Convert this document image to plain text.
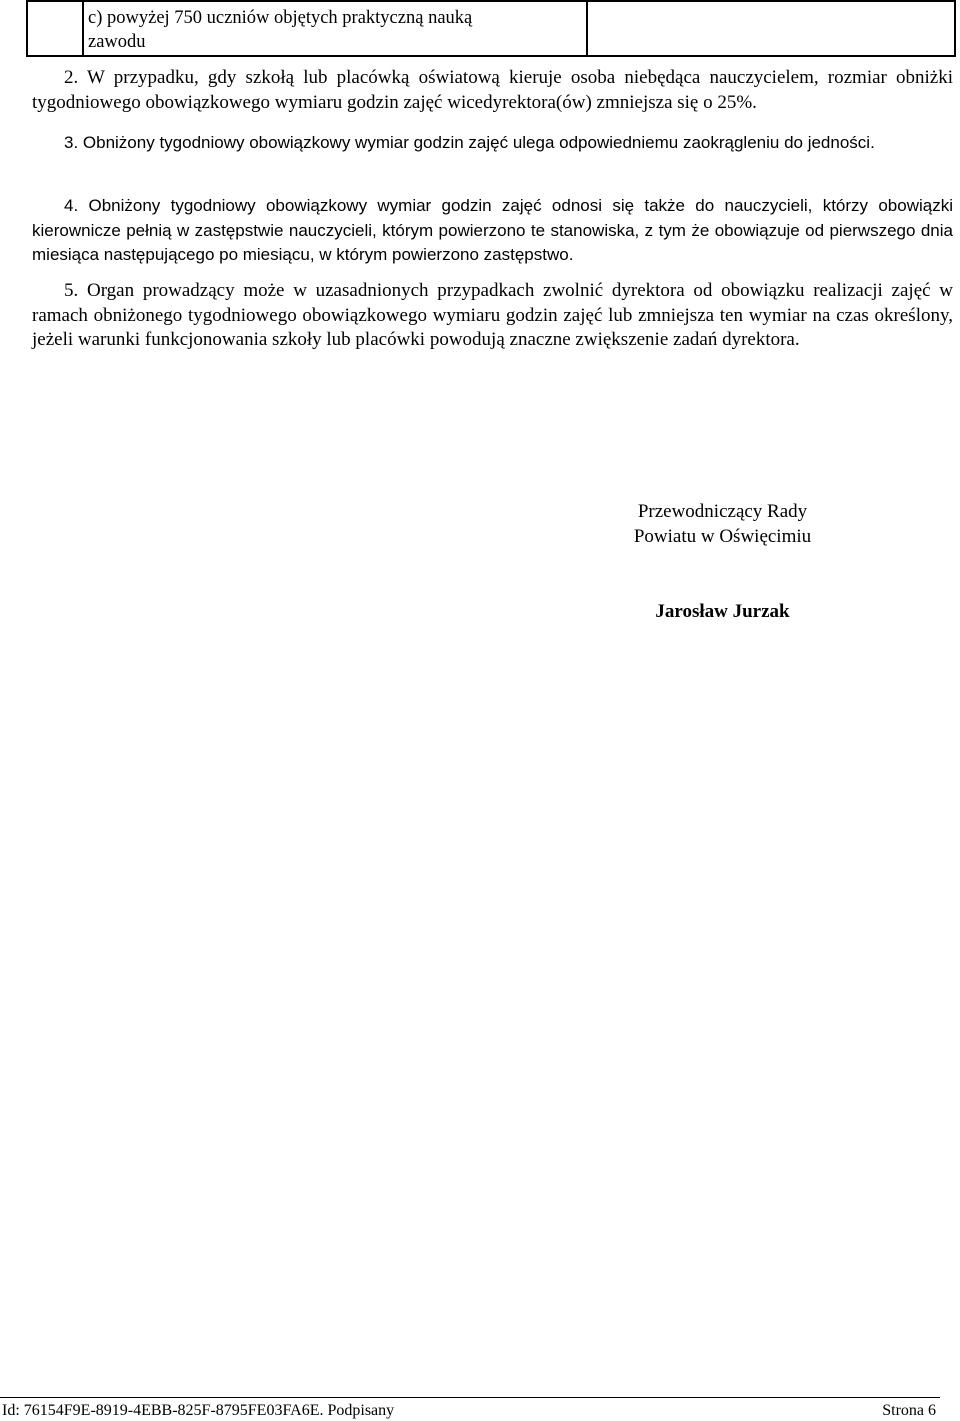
c) powyżej 750 uczniów objętych praktyczną nauką
zawodu

2. W przypadku, gdy szkołą lub placówką oświatową kieruje osoba niebędąca nauczycielem, rozmiar obniżki tygodniowego obowiązkowego wymiaru godzin zajęć wicedyrektora(ów) zmniejsza się o 25%.

3. Obniżony tygodniowy obowiązkowy wymiar godzin zajęć ulega odpowiedniemu zaokrągleniu do jedności.

4. Obniżony tygodniowy obowiązkowy wymiar godzin zajęć odnosi się także do nauczycieli, którzy obowiązki kierownicze pełnią w zastępstwie nauczycieli, którym powierzono te stanowiska, z tym że obowiązuje od pierwszego dnia miesiąca następującego po miesiącu, w którym powierzono zastępstwo.

5. Organ prowadzący może w uzasadnionych przypadkach zwolnić dyrektora od obowiązku realizacji zajęć w ramach obniżonego tygodniowego obowiązkowego wymiaru godzin zajęć lub zmniejsza ten wymiar na czas określony, jeżeli warunki funkcjonowania szkoły lub placówki powodują znaczne zwiększenie zadań dyrektora.

Przewodniczący Rady
Powiatu w Oświęcimiu
Jarosław Jurzak
Id: 76154F9E-8919-4EBB-825F-8795FE03FA6E. Podpisany	Strona 6
